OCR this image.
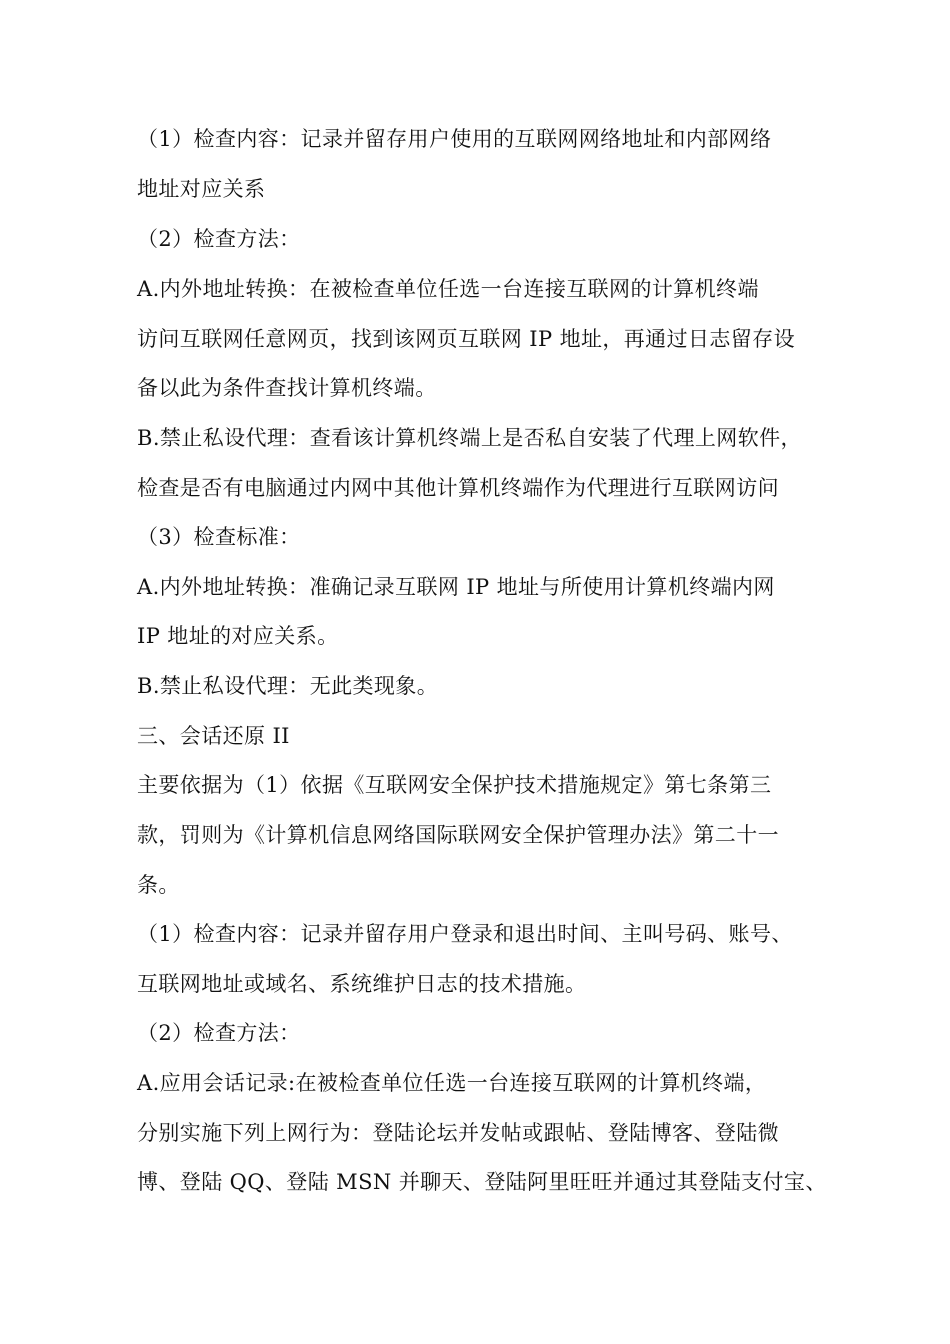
（1）检查内容：记录并留存用户使用的互联网网络地址和内部网络
地址对应关系
（2）检查方法：
A.内外地址转换：在被检查单位任选一台连接互联网的计算机终端
访问互联网任意网页，找到该网页互联网 IP 地址，再通过日志留存设
备以此为条件查找计算机终端。
B.禁止私设代理：查看该计算机终端上是否私自安装了代理上网软件，
检查是否有电脑通过内网中其他计算机终端作为代理进行互联网访问
（3）检查标准：
A.内外地址转换：准确记录互联网 IP 地址与所使用计算机终端内网
IP 地址的对应关系。
B.禁止私设代理：无此类现象。
三、会话还原 II
主要依据为（1）依据《互联网安全保护技术措施规定》第七条第三
款，罚则为《计算机信息网络国际联网安全保护管理办法》第二十一
条。
（1）检查内容：记录并留存用户登录和退出时间、主叫号码、账号、
互联网地址或域名、系统维护日志的技术措施。
（2）检查方法：
A.应用会话记录:在被检查单位任选一台连接互联网的计算机终端，
分别实施下列上网行为：登陆论坛并发帖或跟帖、登陆博客、登陆微
博、登陆 QQ、登陆 MSN 并聊天、登陆阿里旺旺并通过其登陆支付宝、
